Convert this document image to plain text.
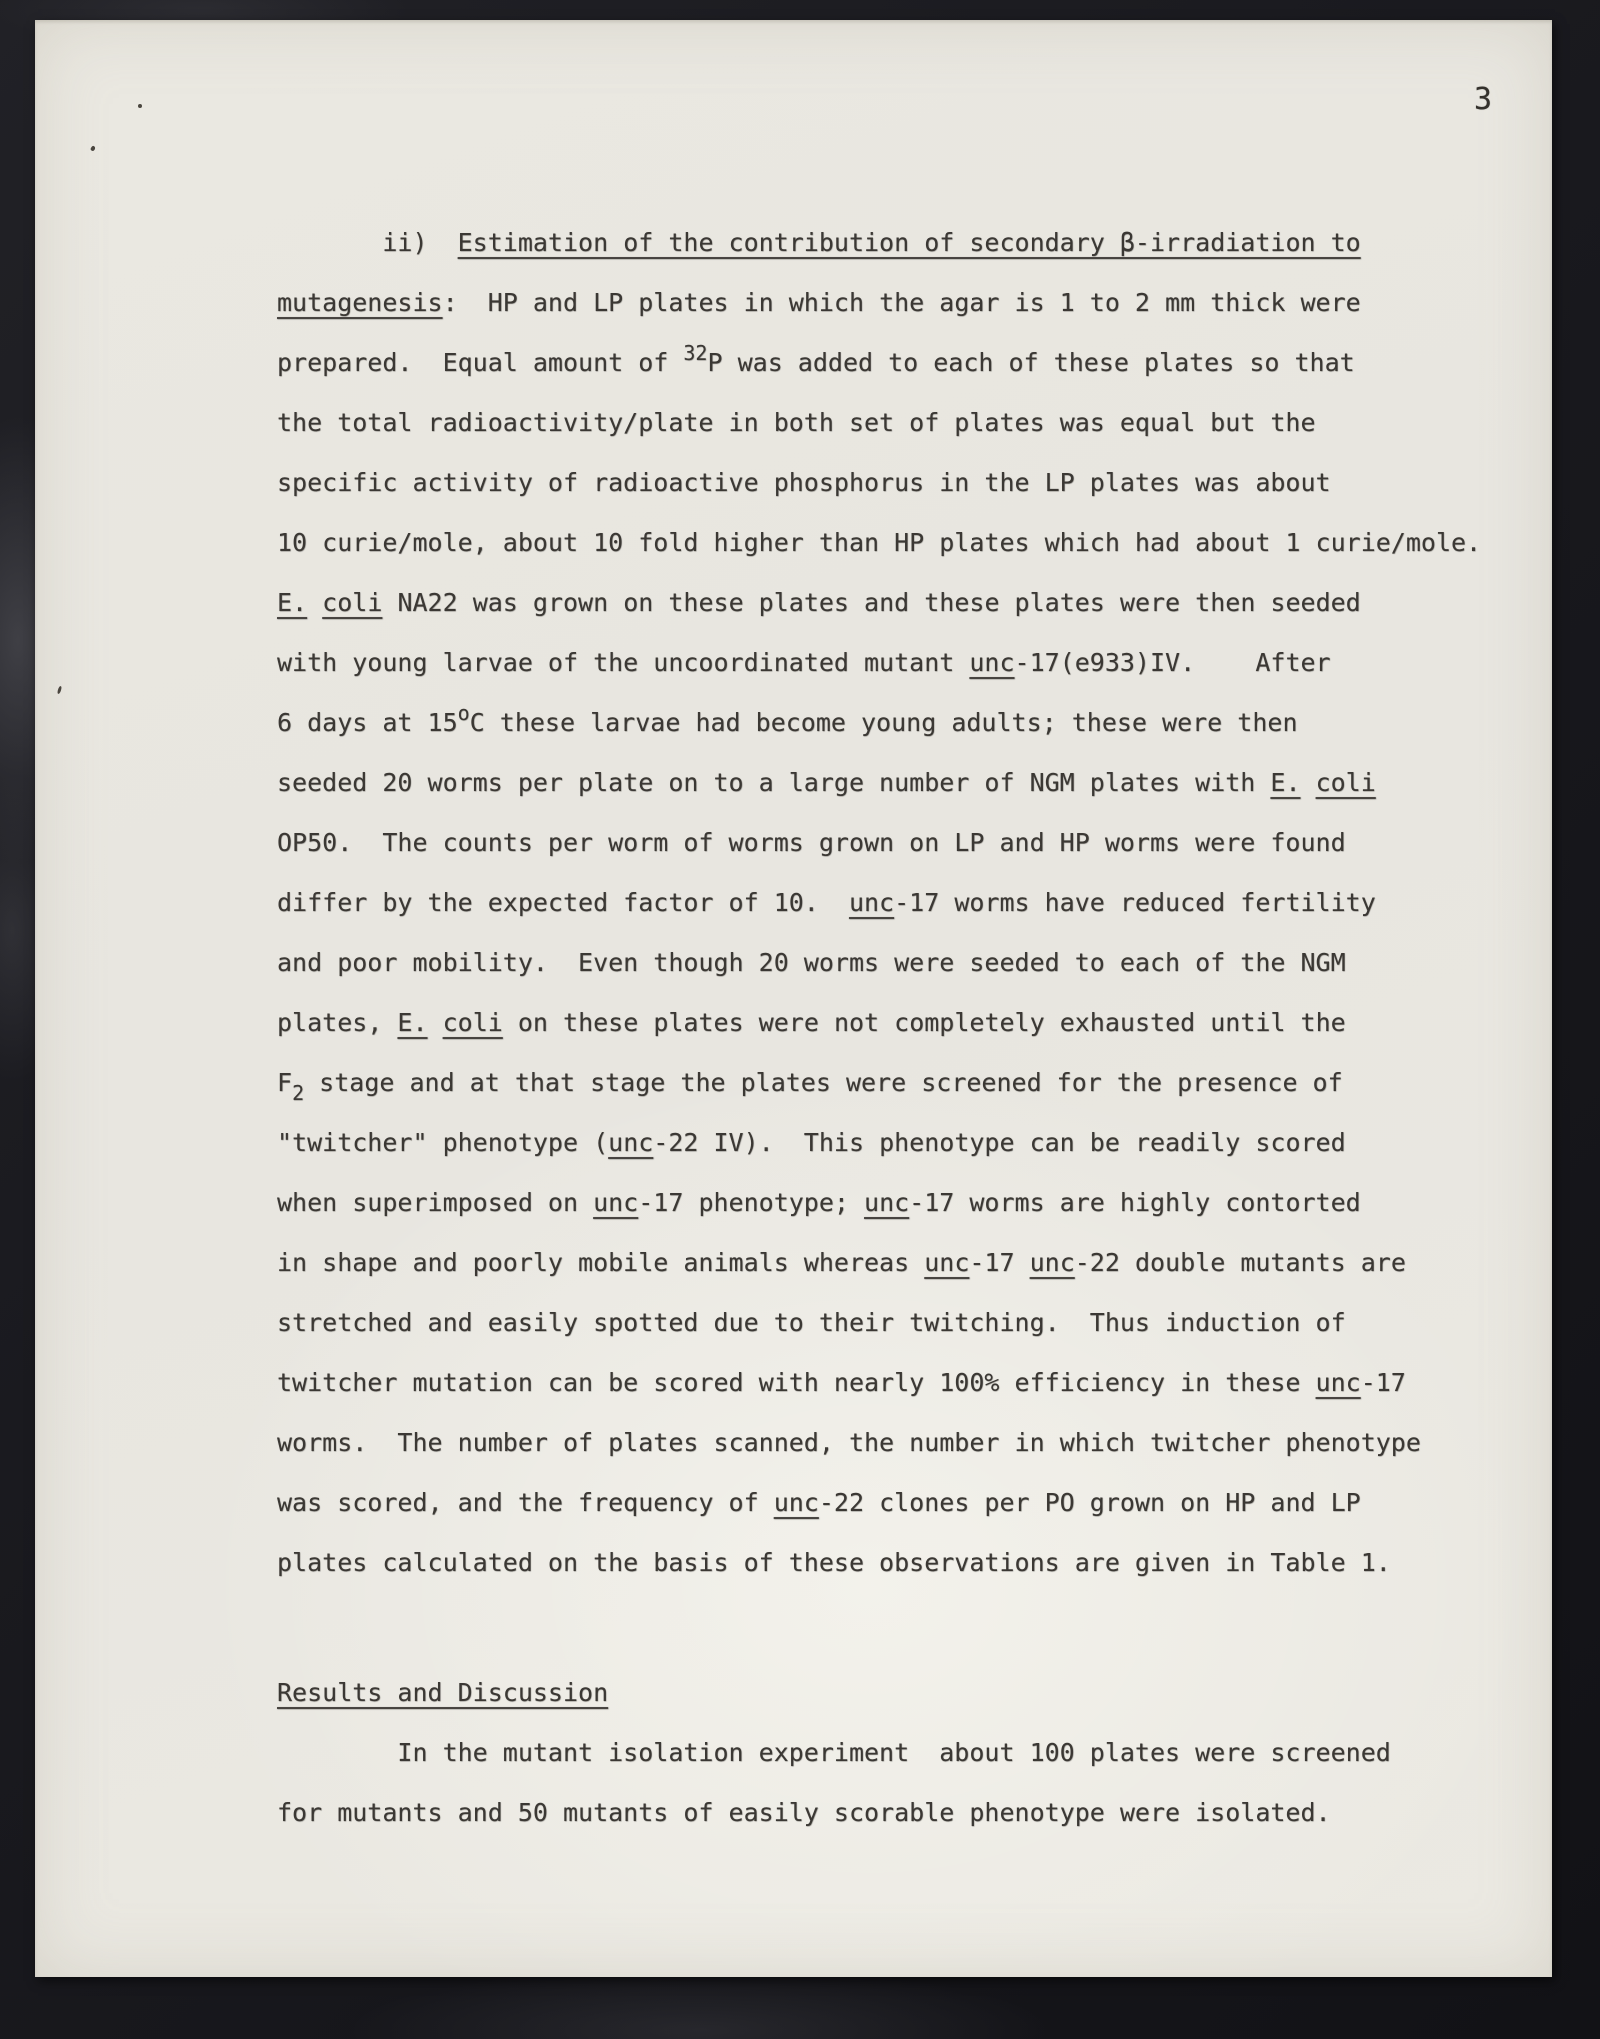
3
ii)  Estimation of the contribution of secondary β-irradiation to
mutagenesis:  HP and LP plates in which the agar is 1 to 2 mm thick were
prepared.  Equal amount of $^{32}$P was added to each of these plates so that
the total radioactivity/plate in both set of plates was equal but the
specific activity of radioactive phosphorus in the LP plates was about
10 curie/mole, about 10 fold higher than HP plates which had about 1 curie/mole.
E. coli NA22 was grown on these plates and these plates were then seeded
with young larvae of the uncoordinated mutant unc-17(e933)IV.    After
6 days at 15$^o$C these larvae had become young adults; these were then
seeded 20 worms per plate on to a large number of NGM plates with E. coli
OP50.  The counts per worm of worms grown on LP and HP worms were found
differ by the expected factor of 10.  unc-17 worms have reduced fertility
and poor mobility.  Even though 20 worms were seeded to each of the NGM
plates, E. coli on these plates were not completely exhausted until the
$F_2$ stage and at that stage the plates were screened for the presence of
"twitcher" phenotype (unc-22 IV).  This phenotype can be readily scored
when superimposed on unc-17 phenotype; unc-17 worms are highly contorted
in shape and poorly mobile animals whereas unc-17 unc-22 double mutants are
stretched and easily spotted due to their twitching.  Thus induction of
twitcher mutation can be scored with nearly 100% efficiency in these unc-17
worms.  The number of plates scanned, the number in which twitcher phenotype
was scored, and the frequency of unc-22 clones per PO grown on HP and LP
plates calculated on the basis of these observations are given in Table 1.
Results and Discussion
In the mutant isolation experiment  about 100 plates were screened
for mutants and 50 mutants of easily scorable phenotype were isolated.
